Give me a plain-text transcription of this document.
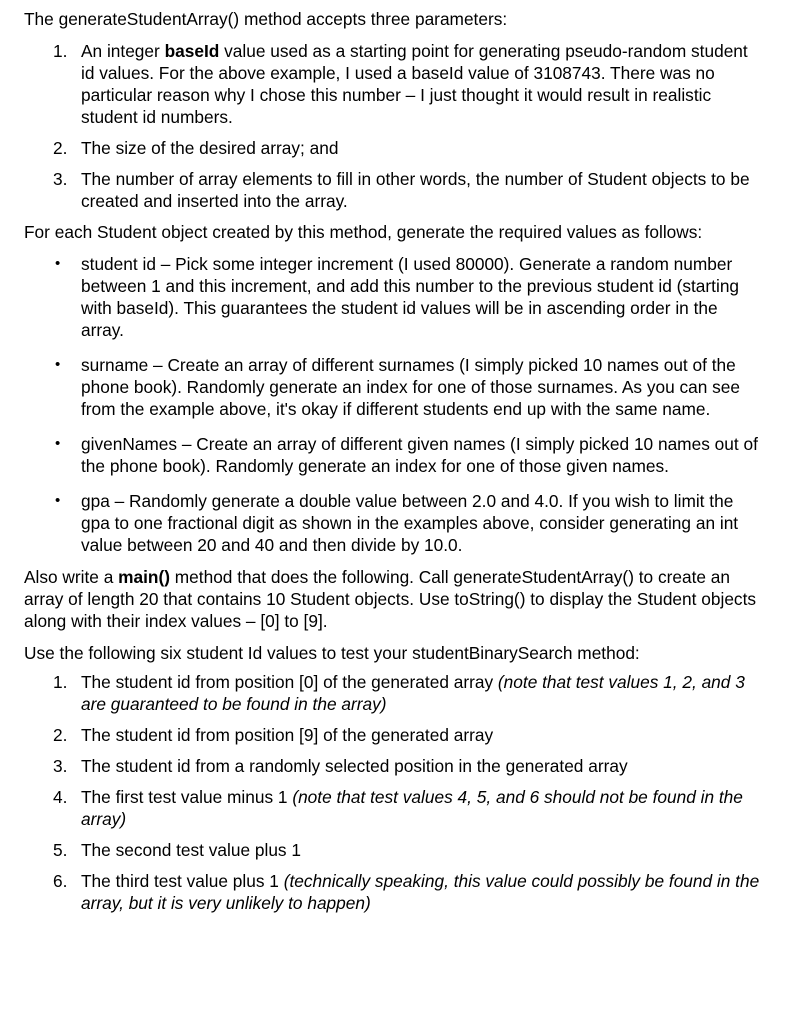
The generateStudentArray() method accepts three parameters:

1. An integer baseId value used as a starting point for generating pseudo-random student id values. For the above example, I used a baseId value of 3108743. There was no particular reason why I chose this number – I just thought it would result in realistic student id numbers.
2. The size of the desired array; and
3. The number of array elements to fill in other words, the number of Student objects to be created and inserted into the array.

For each Student object created by this method, generate the required values as follows:

• student id – Pick some integer increment (I used 80000). Generate a random number between 1 and this increment, and add this number to the previous student id (starting with baseId). This guarantees the student id values will be in ascending order in the array.
• surname – Create an array of different surnames (I simply picked 10 names out of the phone book). Randomly generate an index for one of those surnames. As you can see from the example above, it's okay if different students end up with the same name.
• givenNames – Create an array of different given names (I simply picked 10 names out of the phone book). Randomly generate an index for one of those given names.
• gpa – Randomly generate a double value between 2.0 and 4.0. If you wish to limit the gpa to one fractional digit as shown in the examples above, consider generating an int value between 20 and 40 and then divide by 10.0.

Also write a main() method that does the following. Call generateStudentArray() to create an array of length 20 that contains 10 Student objects. Use toString() to display the Student objects along with their index values – [0] to [9].

Use the following six student Id values to test your studentBinarySearch method:

1. The student id from position [0] of the generated array (note that test values 1, 2, and 3 are guaranteed to be found in the array)
2. The student id from position [9] of the generated array
3. The student id from a randomly selected position in the generated array
4. The first test value minus 1 (note that test values 4, 5, and 6 should not be found in the array)
5. The second test value plus 1
6. The third test value plus 1 (technically speaking, this value could possibly be found in the array, but it is very unlikely to happen)
